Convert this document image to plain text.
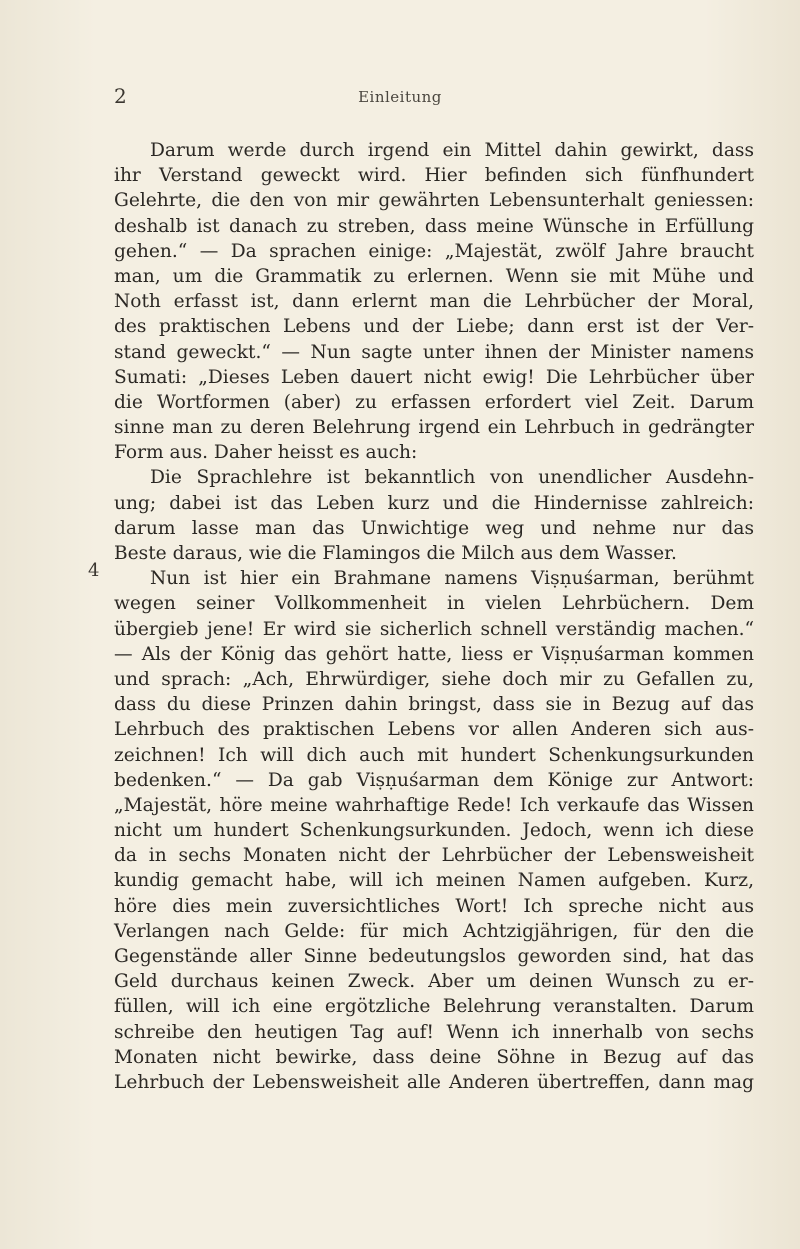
2	Einleitung
4
Darum werde durch irgend ein Mittel dahin gewirkt, dass
ihr Verstand geweckt wird. Hier befinden sich fünfhundert
Gelehrte, die den von mir gewährten Lebensunterhalt geniessen:
deshalb ist danach zu streben, dass meine Wünsche in Erfüllung
gehen.“ — Da sprachen einige: „Majestät, zwölf Jahre braucht
man, um die Grammatik zu erlernen. Wenn sie mit Mühe und
Noth erfasst ist, dann erlernt man die Lehrbücher der Moral,
des praktischen Lebens und der Liebe; dann erst ist der Ver-
stand geweckt.“ — Nun sagte unter ihnen der Minister namens
Sumati: „Dieses Leben dauert nicht ewig! Die Lehrbücher über
die Wortformen (aber) zu erfassen erfordert viel Zeit. Darum
sinne man zu deren Belehrung irgend ein Lehrbuch in gedrängter
Form aus. Daher heisst es auch:
Die Sprachlehre ist bekanntlich von unendlicher Ausdehn-
ung; dabei ist das Leben kurz und die Hindernisse zahlreich:
darum lasse man das Unwichtige weg und nehme nur das
Beste daraus, wie die Flamingos die Milch aus dem Wasser.
Nun ist hier ein Brahmane namens Viṣṇuśarman, berühmt
wegen seiner Vollkommenheit in vielen Lehrbüchern. Dem
übergieb jene! Er wird sie sicherlich schnell verständig machen.“
— Als der König das gehört hatte, liess er Viṣṇuśarman kommen
und sprach: „Ach, Ehrwürdiger, siehe doch mir zu Gefallen zu,
dass du diese Prinzen dahin bringst, dass sie in Bezug auf das
Lehrbuch des praktischen Lebens vor allen Anderen sich aus-
zeichnen! Ich will dich auch mit hundert Schenkungsurkunden
bedenken.“ — Da gab Viṣṇuśarman dem Könige zur Antwort:
„Majestät, höre meine wahrhaftige Rede! Ich verkaufe das Wissen
nicht um hundert Schenkungsurkunden. Jedoch, wenn ich diese
da in sechs Monaten nicht der Lehrbücher der Lebensweisheit
kundig gemacht habe, will ich meinen Namen aufgeben. Kurz,
höre dies mein zuversichtliches Wort! Ich spreche nicht aus
Verlangen nach Gelde: für mich Achtzigjährigen, für den die
Gegenstände aller Sinne bedeutungslos geworden sind, hat das
Geld durchaus keinen Zweck. Aber um deinen Wunsch zu er-
füllen, will ich eine ergötzliche Belehrung veranstalten. Darum
schreibe den heutigen Tag auf! Wenn ich innerhalb von sechs
Monaten nicht bewirke, dass deine Söhne in Bezug auf das
Lehrbuch der Lebensweisheit alle Anderen übertreffen, dann mag
